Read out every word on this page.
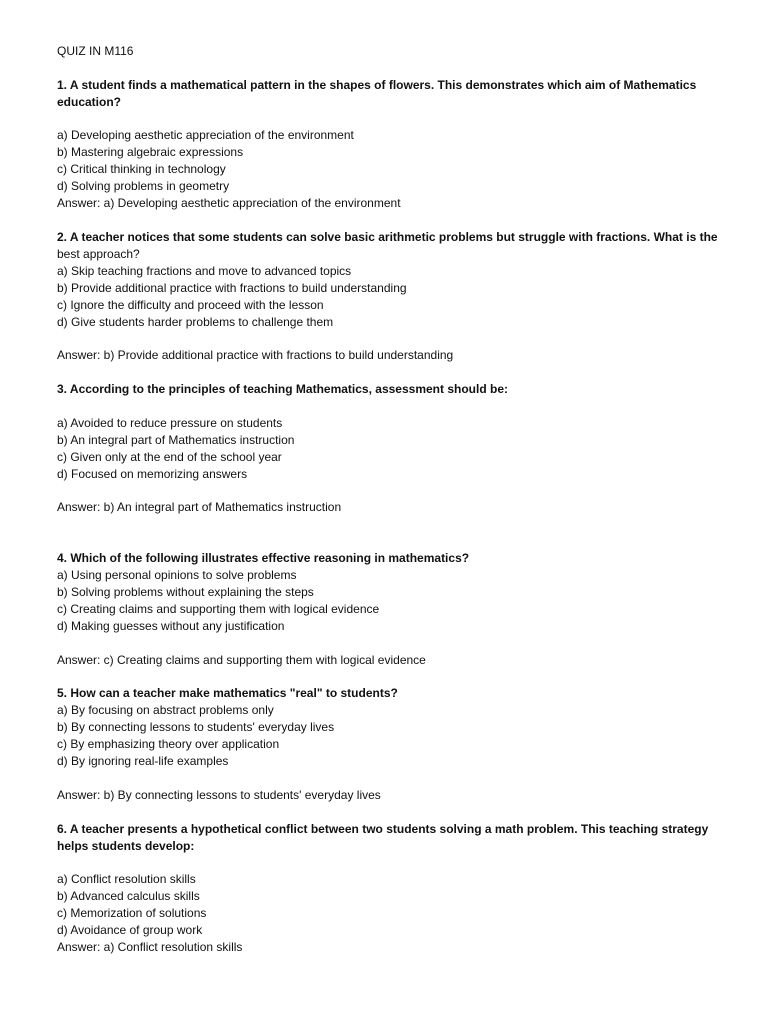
QUIZ IN M116
1. A student finds a mathematical pattern in the shapes of flowers. This demonstrates which aim of Mathematics education?
a) Developing aesthetic appreciation of the environment
b) Mastering algebraic expressions
c) Critical thinking in technology
d) Solving problems in geometry
Answer: a) Developing aesthetic appreciation of the environment
2. A teacher notices that some students can solve basic arithmetic problems but struggle with fractions. What is the
best approach?
a) Skip teaching fractions and move to advanced topics
b) Provide additional practice with fractions to build understanding
c) Ignore the difficulty and proceed with the lesson
d) Give students harder problems to challenge them
Answer: b) Provide additional practice with fractions to build understanding
3. According to the principles of teaching Mathematics, assessment should be:
a) Avoided to reduce pressure on students
b) An integral part of Mathematics instruction
c) Given only at the end of the school year
d) Focused on memorizing answers
Answer: b) An integral part of Mathematics instruction
4. Which of the following illustrates effective reasoning in mathematics?
a) Using personal opinions to solve problems
b) Solving problems without explaining the steps
c) Creating claims and supporting them with logical evidence
d) Making guesses without any justification
Answer: c) Creating claims and supporting them with logical evidence
5. How can a teacher make mathematics "real" to students?
a) By focusing on abstract problems only
b) By connecting lessons to students' everyday lives
c) By emphasizing theory over application
d) By ignoring real-life examples
Answer: b) By connecting lessons to students' everyday lives
6. A teacher presents a hypothetical conflict between two students solving a math problem. This teaching strategy helps students develop:
a) Conflict resolution skills
b) Advanced calculus skills
c) Memorization of solutions
d) Avoidance of group work
Answer: a) Conflict resolution skills
